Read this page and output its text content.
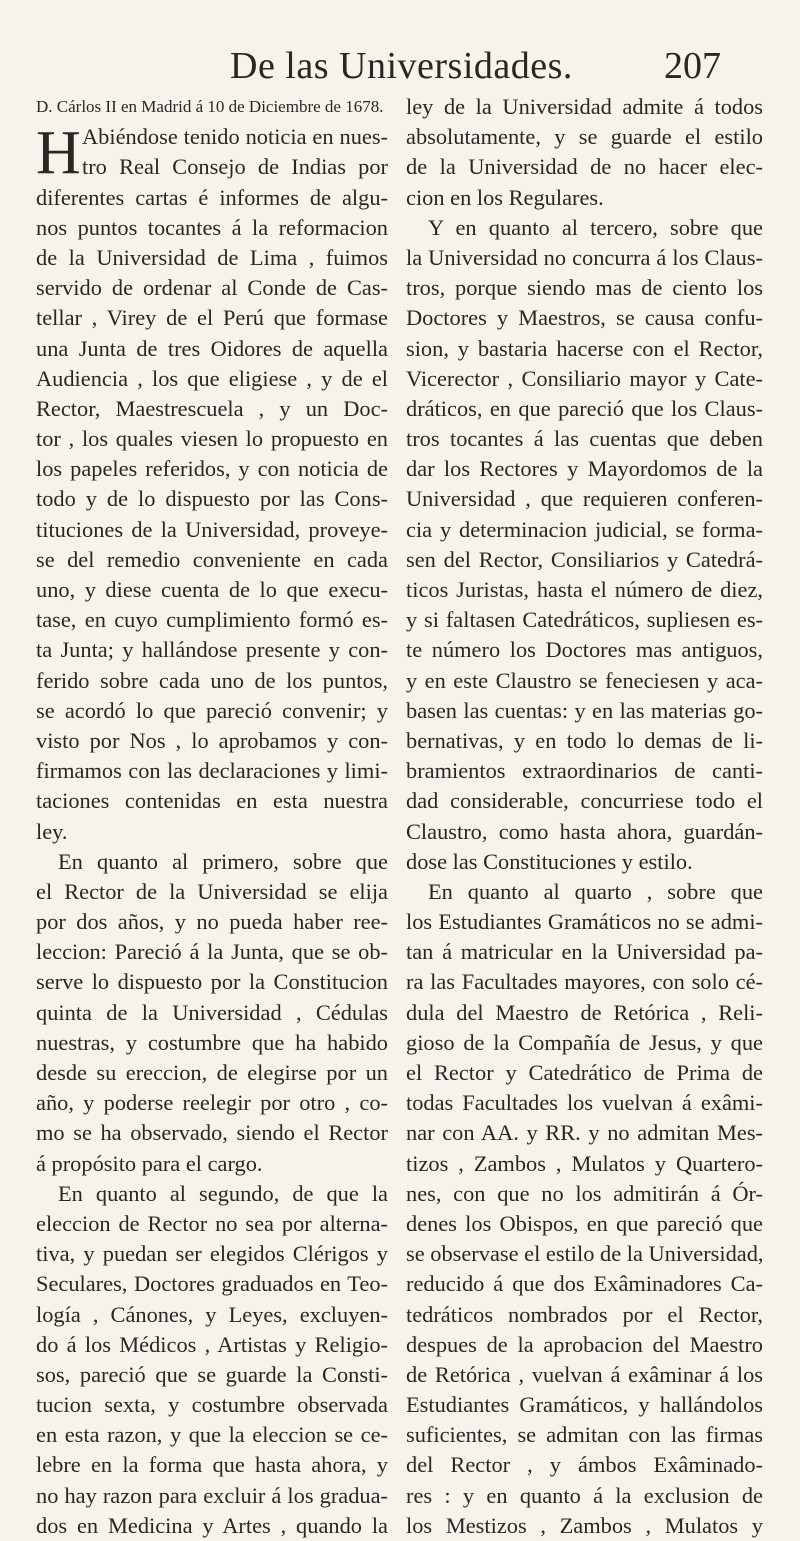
De las Universidades. 207
D. Cárlos II en Madrid á 10 de Diciembre de 1678.
H Abiéndose tenido noticia en nues-
tro Real Consejo de Indias por
diferentes cartas é informes de algu-
nos puntos tocantes á la reformacion
de la Universidad de Lima , fuimos
servido de ordenar al Conde de Cas-
tellar , Virey de el Perú que formase
una Junta de tres Oidores de aquella
Audiencia , los que eligiese , y de el
Rector, Maestrescuela , y un Doc-
tor , los quales viesen lo propuesto en
los papeles referidos, y con noticia de
todo y de lo dispuesto por las Cons-
tituciones de la Universidad, proveye-
se del remedio conveniente en cada
uno, y diese cuenta de lo que execu-
tase, en cuyo cumplimiento formó es-
ta Junta; y hallándose presente y con-
ferido sobre cada uno de los puntos,
se acordó lo que pareció convenir; y
visto por Nos , lo aprobamos y con-
firmamos con las declaraciones y limi-
taciones contenidas en esta nuestra
ley.
En quanto al primero, sobre que
el Rector de la Universidad se elija
por dos años, y no pueda haber ree-
leccion: Pareció á la Junta, que se ob-
serve lo dispuesto por la Constitucion
quinta de la Universidad , Cédulas
nuestras, y costumbre que ha habido
desde su ereccion, de elegirse por un
año, y poderse reelegir por otro , co-
mo se ha observado, siendo el Rector
á propósito para el cargo.
En quanto al segundo, de que la
eleccion de Rector no sea por alterna-
tiva, y puedan ser elegidos Clérigos y
Seculares, Doctores graduados en Teo-
logía , Cánones, y Leyes, excluyen-
do á los Médicos , Artistas y Religio-
sos, pareció que se guarde la Consti-
tucion sexta, y costumbre observada
en esta razon, y que la eleccion se ce-
lebre en la forma que hasta ahora, y
no hay razon para excluir á los gradua-
dos en Medicina y Artes , quando la
ley de la Universidad admite á todos
absolutamente, y se guarde el estilo
de la Universidad de no hacer elec-
cion en los Regulares.
Y en quanto al tercero, sobre que
la Universidad no concurra á los Claus-
tros, porque siendo mas de ciento los
Doctores y Maestros, se causa confu-
sion, y bastaria hacerse con el Rector,
Vicerector , Consiliario mayor y Cate-
dráticos, en que pareció que los Claus-
tros tocantes á las cuentas que deben
dar los Rectores y Mayordomos de la
Universidad , que requieren conferen-
cia y determinacion judicial, se forma-
sen del Rector, Consiliarios y Catedrá-
ticos Juristas, hasta el número de diez,
y si faltasen Catedráticos, supliesen es-
te número los Doctores mas antiguos,
y en este Claustro se feneciesen y aca-
basen las cuentas: y en las materias go-
bernativas, y en todo lo demas de li-
bramientos extraordinarios de canti-
dad considerable, concurriese todo el
Claustro, como hasta ahora, guardán-
dose las Constituciones y estilo.
En quanto al quarto , sobre que
los Estudiantes Gramáticos no se admi-
tan á matricular en la Universidad pa-
ra las Facultades mayores, con solo cé-
dula del Maestro de Retórica , Reli-
gioso de la Compañía de Jesus, y que
el Rector y Catedrático de Prima de
todas Facultades los vuelvan á exâmi-
nar con AA. y RR. y no admitan Mes-
tizos , Zambos , Mulatos y Quartero-
nes, con que no los admitirán á Ór-
denes los Obispos, en que pareció que
se observase el estilo de la Universidad,
reducido á que dos Exâminadores Ca-
tedráticos nombrados por el Rector,
despues de la aprobacion del Maestro
de Retórica , vuelvan á exâminar á los
Estudiantes Gramáticos, y hallándolos
suficientes, se admitan con las firmas
del Rector , y ámbos Exâminado-
res : y en quanto á la exclusion de
los Mestizos , Zambos , Mulatos y
